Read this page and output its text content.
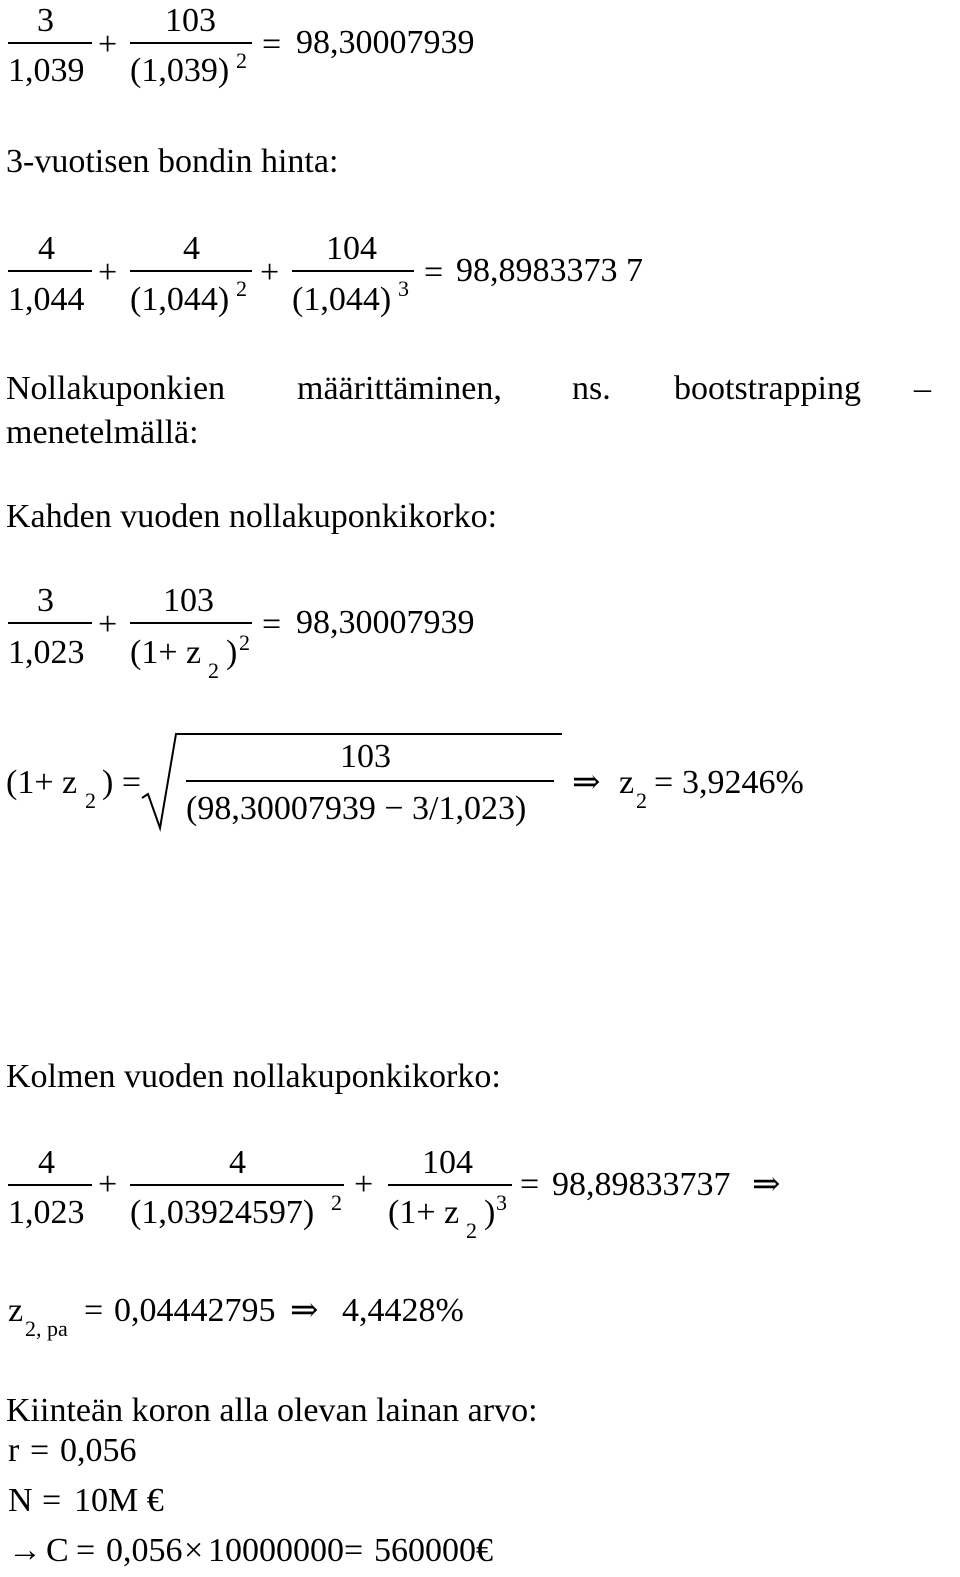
3
1,039
+
103
(1,039) 2 = 98,30007939
3-vuotisen bondin hinta:
4
1,044
+
4
(1,044) 2 +
104
(1,044) 3 = 98,8983373 7
Nollakuponkien määrittäminen, ns. bootstrapping –
menetelmällä:
Kahden vuoden nollakuponkikorko:
3
1,023
+
103
(1+ z 2 ) 2 = 98,30007939
(1+ z 2 ) =
103
(98,30007939 − 3/1,023)
⇒ z 2 = 3,9246%
Kolmen vuoden nollakuponkikorko:
4
1,023
+
4
(1,03924597) 2 +
104
(1+ z 2 ) 3 = 98,89833737 ⇒
z 2, pa = 0,04442795 ⇒ 4,4428%
Kiinteän koron alla olevan lainan arvo:
r = 0,056
N = 10M €
→ C = 0,056 × 10000000 = 560000€
